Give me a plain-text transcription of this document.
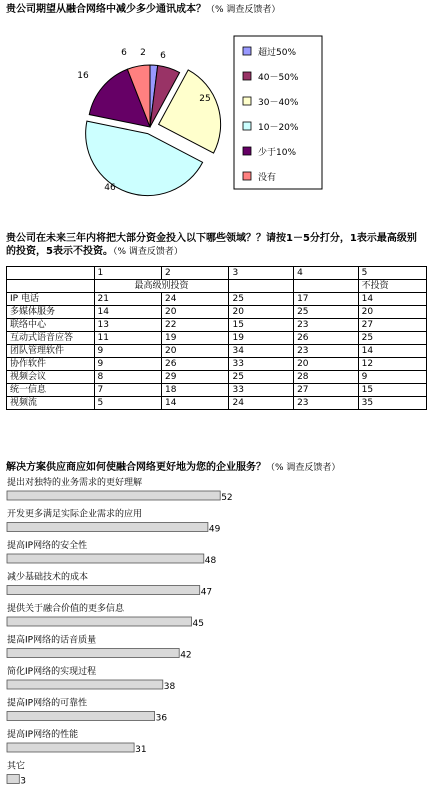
贵公司期望从融合网络中减少多少通讯成本？（% 调查反馈者）
2 6
25
46
16
6	超过50%
40－50%
30－40%
10－20%
少于10%
没有
贵公司在未来三年内将把大部分资金投入以下哪些领域？？请按1－5分打分，1表示最高级别的投资，5表示不投资。（% 调查反馈者）
	1	2	3	4	5
	最高级别投资				不投资
IP 电话	21	24	25	17	14
多媒体服务	14	20	20	25	20
联络中心	13	22	15	23	27
互动式语音应答	11	19	19	26	25
团队管理软件	9	20	34	23	14
协作软件	9	26	33	20	12
视频会议	8	29	25	28	9
统一信息	7	18	33	27	15
视频流	5	14	24	23	35
解决方案供应商应如何使融合网络更好地为您的企业服务？（% 调查反馈者）
提出对独特的业务需求的更好理解
52
开发更多满足实际企业需求的应用
49
提高IP网络的安全性
48
减少基础技术的成本
47
提供关于融合价值的更多信息
45
提高IP网络的话音质量
42
简化IP网络的实现过程
38
提高IP网络的可靠性
36
提高IP网络的性能
31
其它
3
